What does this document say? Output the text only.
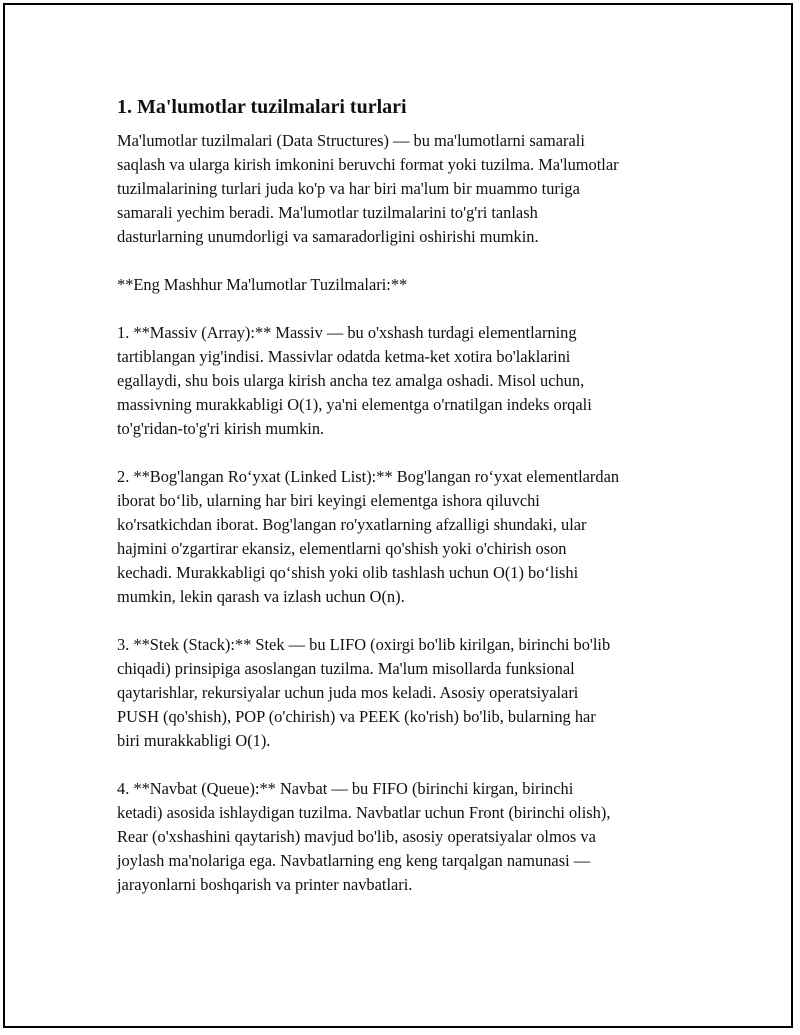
1. Ma'lumotlar tuzilmalari turlari

Ma'lumotlar tuzilmalari (Data Structures) — bu ma'lumotlarni samarali
saqlash va ularga kirish imkonini beruvchi format yoki tuzilma. Ma'lumotlar
tuzilmalarining turlari juda ko'p va har biri ma'lum bir muammo turiga
samarali yechim beradi. Ma'lumotlar tuzilmalarini to'g'ri tanlash
dasturlarning unumdorligi va samaradorligini oshirishi mumkin.

**Eng Mashhur Ma'lumotlar Tuzilmalari:**

1. **Massiv (Array):** Massiv — bu o'xshash turdagi elementlarning
tartiblangan yig'indisi. Massivlar odatda ketma-ket xotira bo'laklarini
egallaydi, shu bois ularga kirish ancha tez amalga oshadi. Misol uchun,
massivning murakkabligi O(1), ya'ni elementga o'rnatilgan indeks orqali
to'g'ridan-to'g'ri kirish mumkin.

2. **Bog'langan Ro‘yxat (Linked List):** Bog'langan ro‘yxat elementlardan
iborat bo‘lib, ularning har biri keyingi elementga ishora qiluvchi
ko'rsatkichdan iborat. Bog'langan ro'yxatlarning afzalligi shundaki, ular
hajmini o'zgartirar ekansiz, elementlarni qo'shish yoki o'chirish oson
kechadi. Murakkabligi qo‘shish yoki olib tashlash uchun O(1) bo‘lishi
mumkin, lekin qarash va izlash uchun O(n).

3. **Stek (Stack):** Stek — bu LIFO (oxirgi bo'lib kirilgan, birinchi bo'lib
chiqadi) prinsipiga asoslangan tuzilma. Ma'lum misollarda funksional
qaytarishlar, rekursiyalar uchun juda mos keladi. Asosiy operatsiyalari
PUSH (qo'shish), POP (o'chirish) va PEEK (ko'rish) bo'lib, bularning har
biri murakkabligi O(1).

4. **Navbat (Queue):** Navbat — bu FIFO (birinchi kirgan, birinchi
ketadi) asosida ishlaydigan tuzilma. Navbatlar uchun Front (birinchi olish),
Rear (o'xshashini qaytarish) mavjud bo'lib, asosiy operatsiyalar olmos va
joylash ma'nolariga ega. Navbatlarning eng keng tarqalgan namunasi —
jarayonlarni boshqarish va printer navbatlari.
